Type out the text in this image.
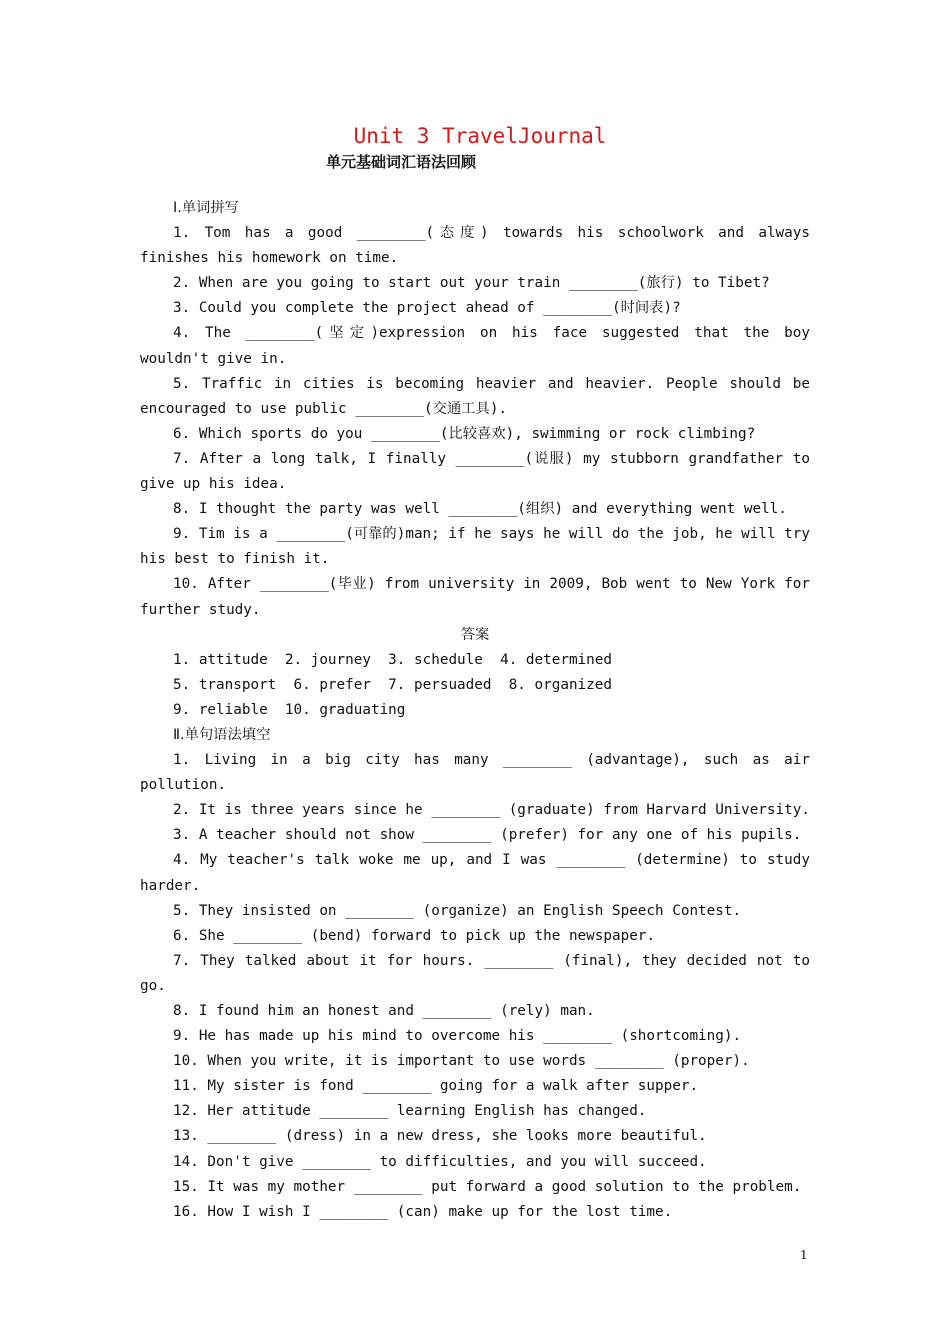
Unit 3 TravelJournal
单元基础词汇语法回顾

Ⅰ.单词拼写

1. Tom has a good ________(态度) towards his schoolwork and always finishes his homework on time.

2. When are you going to start out your train ________(旅行) to Tibet?

3. Could you complete the project ahead of ________(时间表)?

4. The ________(坚定)expression on his face suggested that the boy wouldn't give in.

5. Traffic in cities is becoming heavier and heavier. People should be encouraged to use public ________(交通工具).

6. Which sports do you ________(比较喜欢), swimming or rock climbing?

7. After a long talk, I finally ________(说服) my stubborn grandfather to give up his idea.

8. I thought the party was well ________(组织) and everything went well.

9. Tim is a ________(可靠的)man; if he says he will do the job, he will try his best to finish it.

10. After ________(毕业) from university in 2009, Bob went to New York for further study.

答案

1. attitude  2. journey  3. schedule  4. determined

5. transport  6. prefer  7. persuaded  8. organized

9. reliable  10. graduating

Ⅱ.单句语法填空

1. Living in a big city has many ________ (advantage), such as air pollution.

2. It is three years since he ________ (graduate) from Harvard University.

3. A teacher should not show ________ (prefer) for any one of his pupils.

4. My teacher's talk woke me up, and I was ________ (determine) to study harder.

5. They insisted on ________ (organize) an English Speech Contest.

6. She ________ (bend) forward to pick up the newspaper.

7. They talked about it for hours. ________ (final), they decided not to go.

8. I found him an honest and ________ (rely) man.

9. He has made up his mind to overcome his ________ (shortcoming).

10. When you write, it is important to use words ________ (proper).

11. My sister is fond ________ going for a walk after supper.

12. Her attitude ________ learning English has changed.

13. ________ (dress) in a new dress, she looks more beautiful.

14. Don't give ________ to difficulties, and you will succeed.

15. It was my mother ________ put forward a good solution to the problem.

16. How I wish I ________ (can) make up for the lost time.

1
